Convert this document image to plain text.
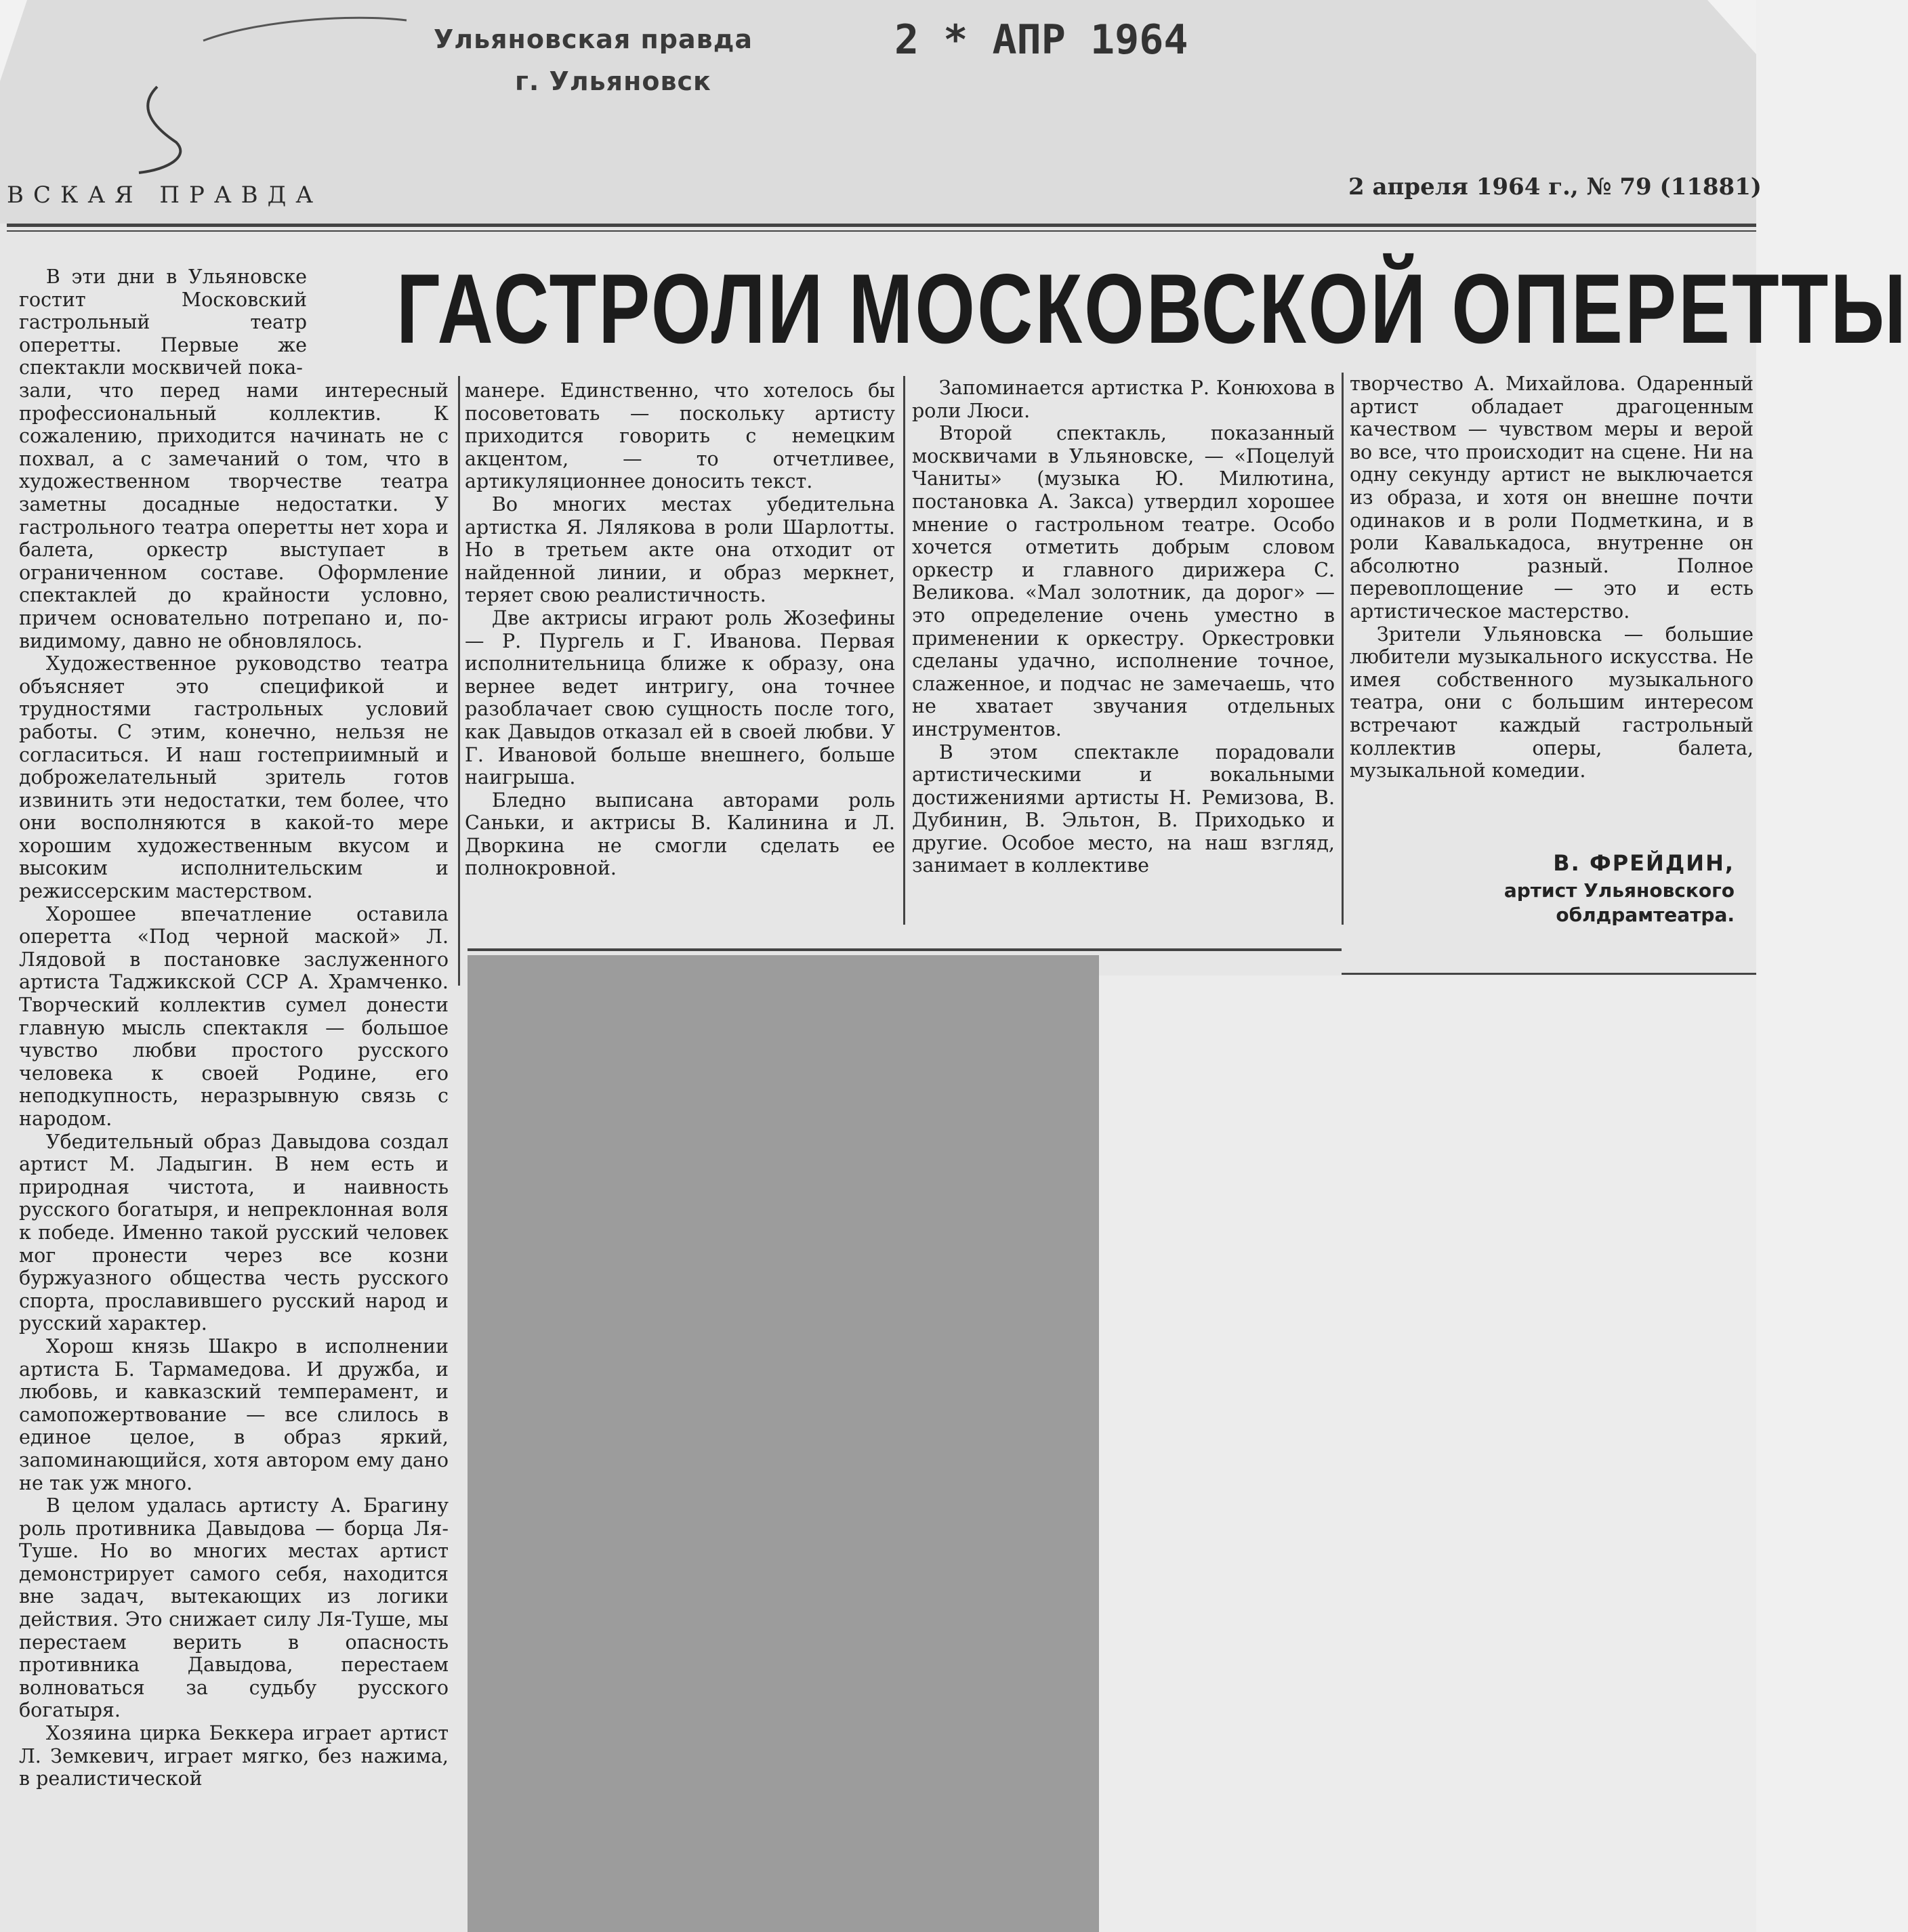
Ульяновская правда
г. Ульяновск
2 * АПР 1964
ВСКАЯ ПРАВДА	2 апреля 1964 г., № 79 (11881)
ГАСТРОЛИ МОСКОВСКОЙ ОПЕРЕТТЫ

В эти дни в Ульяновске гостит Московский гастрольный театр оперетты. Первые же спектакли москвичей пока-

зали, что перед нами интересный профессиональный коллектив. К сожалению, приходится начинать не с похвал, а с замечаний о том, что в художественном творчестве театра заметны досадные недостатки. У гастрольного театра оперетты нет хора и балета, оркестр выступает в ограниченном составе. Оформление спектаклей до крайности условно, причем основательно потрепано и, по-видимому, давно не обновлялось.

Художественное руководство театра объясняет это спецификой и трудностями гастрольных условий работы. С этим, конечно, нельзя не согласиться. И наш гостеприимный и доброжелательный зритель готов извинить эти недостатки, тем более, что они восполняются в какой-то мере хорошим художественным вкусом и высоким исполнительским и режиссерским мастерством.

Хорошее впечатление оставила оперетта «Под черной маской» Л. Лядовой в постановке заслуженного артиста Таджикской ССР А. Храмченко. Творческий коллектив сумел донести главную мысль спектакля — большое чувство любви простого русского человека к своей Родине, его неподкупность, неразрывную связь с народом.

Убедительный образ Давыдова создал артист М. Ладыгин. В нем есть и природная чистота, и наивность русского богатыря, и непреклонная воля к победе. Именно такой русский человек мог пронести через все козни буржуазного общества честь русского спорта, прославившего русский народ и русский характер.

Хорош князь Шакро в исполнении артиста Б. Тармамедова. И дружба, и любовь, и кавказский темперамент, и самопожертвование — все слилось в единое целое, в образ яркий, запоминающийся, хотя автором ему дано не так уж много.

В целом удалась артисту А. Брагину роль противника Давыдова — борца Ля-Туше. Но во многих местах артист демонстрирует самого себя, находится вне задач, вытекающих из логики действия. Это снижает силу Ля-Туше, мы перестаем верить в опасность противника Давыдова, перестаем волноваться за судьбу русского богатыря.

Хозяина цирка Беккера играет артист Л. Земкевич, играет мягко, без нажима, в реалистической

манере. Единственно, что хотелось бы посоветовать — поскольку артисту приходится говорить с немецким акцентом, — то отчетливее, артикуляционнее доносить текст.

Во многих местах убедительна артистка Я. Лялякова в роли Шарлотты. Но в третьем акте она отходит от найденной линии, и образ меркнет, теряет свою реалистичность.

Две актрисы играют роль Жозефины — Р. Пургель и Г. Иванова. Первая исполнительница ближе к образу, она вернее ведет интригу, она точнее разоблачает свою сущность после того, как Давыдов отказал ей в своей любви. У Г. Ивановой больше внешнего, больше наигрыша.

Бледно выписана авторами роль Саньки, и актрисы В. Калинина и Л. Дворкина не смогли сделать ее полнокровной.

Запоминается артистка Р. Конюхова в роли Люси.

Второй спектакль, показанный москвичами в Ульяновске, — «Поцелуй Чаниты» (музыка Ю. Милютина, постановка А. Закса) утвердил хорошее мнение о гастрольном театре. Особо хочется отметить добрым словом оркестр и главного дирижера С. Великова. «Мал золотник, да дорог» — это определение очень уместно в применении к оркестру. Оркестровки сделаны удачно, исполнение точное, слаженное, и подчас не замечаешь, что не хватает звучания отдельных инструментов.

В этом спектакле порадовали артистическими и вокальными достижениями артисты Н. Ремизова, В. Дубинин, В. Эльтон, В. Приходько и другие. Особое место, на наш взгляд, занимает в коллективе

творчество А. Михайлова. Одаренный артист обладает драгоценным качеством — чувством меры и верой во все, что происходит на сцене. Ни на одну секунду артист не выключается из образа, и хотя он внешне почти одинаков и в роли Подметкина, и в роли Кавалькадоса, внутренне он абсолютно разный. Полное перевоплощение — это и есть артистическое мастерство.

Зрители Ульяновска — большие любители музыкального искусства. Не имея собственного музыкального театра, они с большим интересом встречают каждый гастрольный коллектив оперы, балета, музыкальной комедии.

В. ФРЕЙДИН,
артист Ульяновского облдрамтеатра.
